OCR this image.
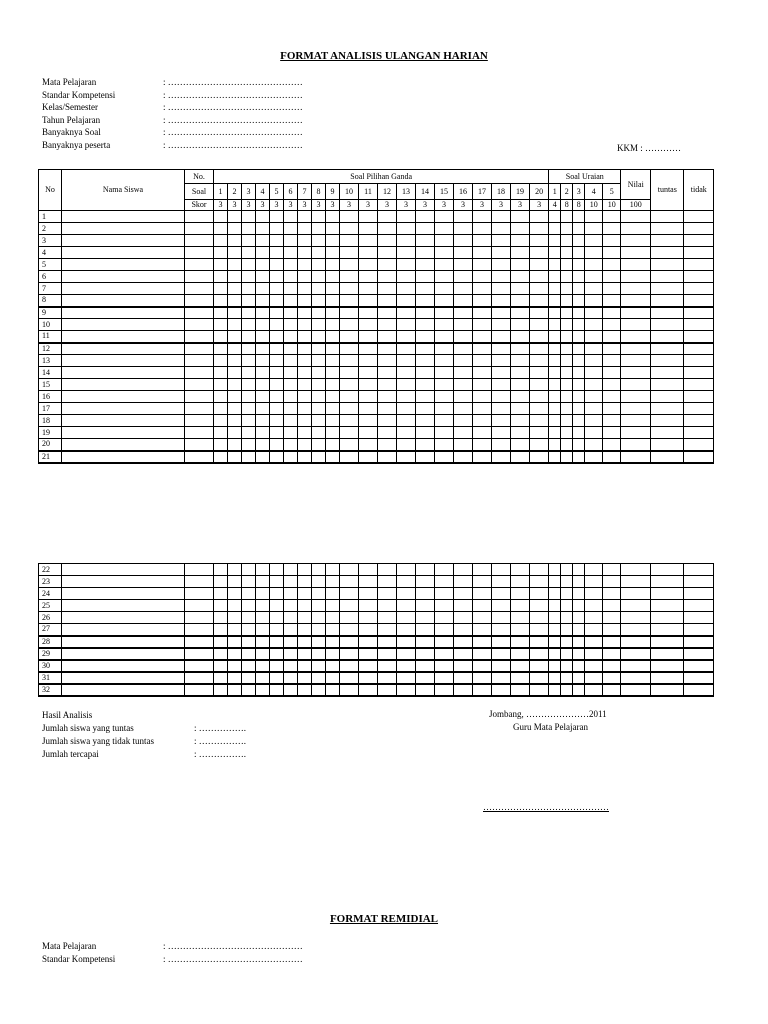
FORMAT ANALISIS ULANGAN HARIAN
Mata Pelajaran	: ………………………………………
Standar Kompetensi	: ………………………………………
Kelas/Semester	: ………………………………………
Tahun Pelajaran	: ………………………………………
Banyaknya Soal	: ………………………………………
Banyaknya peserta	: ………………………………………	KKM : …………
No	Nama Siswa	No.	Soal Pilihan Ganda																				Soal Uraian					Nilai	tuntas	tidak
		Soal	1	2	3	4	5	6	7	8	9	10	11	12	13	14	15	16	17	18	19	20	1	2	3	4	5			
		Skor	3	3	3	3	3	3	3	3	3	3	3	3	3	3	3	3	3	3	3	3	4	8	8	10	10	100		
1																														
2																														
3																														
4																														
5																														
6																														
7																														
8																														
9																														
10																														
11																														
12																														
13																														
14																														
15																														
16																														
17																														
18																														
19																														
20																														
21																														
22																														
23																														
24																														
25																														
26																														
27																														
28																														
29																														
30																														
31																														
32																														
Hasil Analisis
Jumlah siswa yang tuntas	: …………….
Jumlah siswa yang tidak tuntas	: …………….
Jumlah tercapai	: …………….
Jombang, …………………2011
Guru Mata Pelajaran
……………………………………
FORMAT REMIDIAL
Mata Pelajaran	: ………………………………………
Standar Kompetensi	: ………………………………………
